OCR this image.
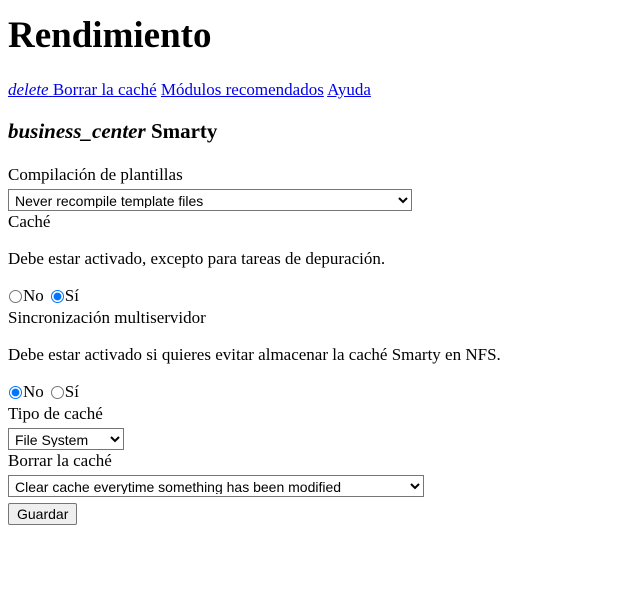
Rendimiento
delete Borrar la caché Módulos recomendados Ayuda
business_center Smarty
Compilación de plantillas
Never recompile template files
Caché
Debe estar activado, excepto para tareas de depuración.
No Sí
Sincronización multiservidor
Debe estar activado si quieres evitar almacenar la caché Smarty en NFS.
No Sí
Tipo de caché
File System
Borrar la caché
Clear cache everytime something has been modified
Guardar
